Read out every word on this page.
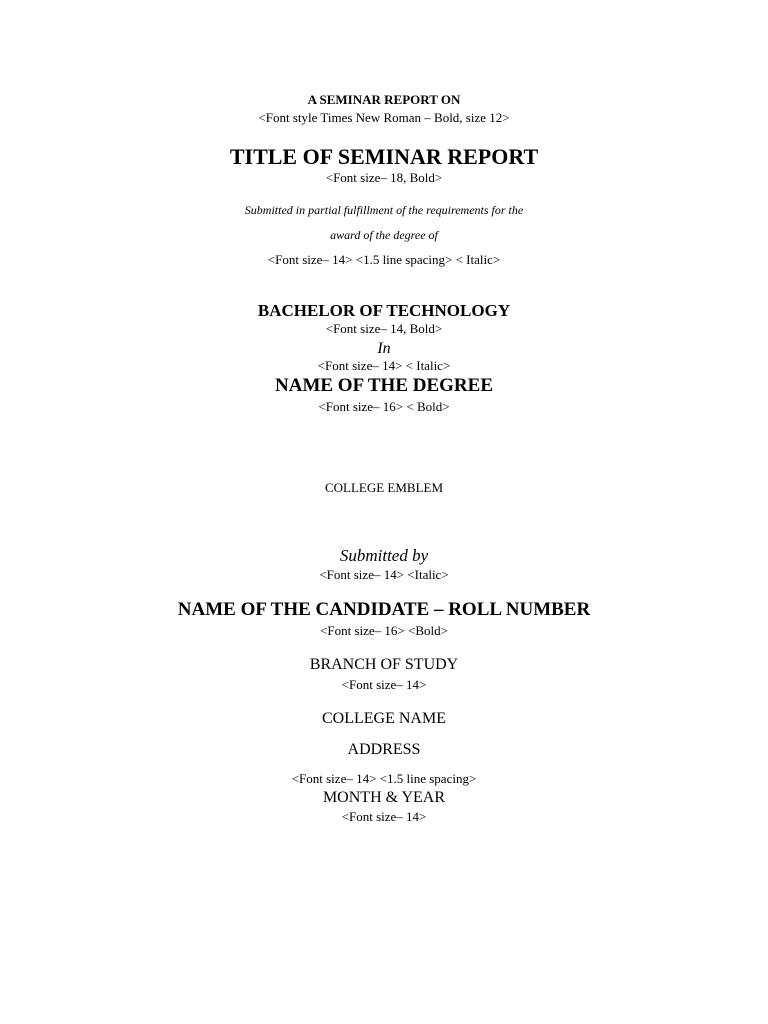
A SEMINAR REPORT ON
<Font style Times New Roman – Bold, size 12>
TITLE OF SEMINAR REPORT
<Font size– 18, Bold>
Submitted in partial fulfillment of the requirements for the
award of the degree of
<Font size– 14> <1.5 line spacing> < Italic>
BACHELOR OF TECHNOLOGY
<Font size– 14, Bold>
In
<Font size– 14> < Italic>
NAME OF THE DEGREE
<Font size– 16> < Bold>
COLLEGE EMBLEM
Submitted by
<Font size– 14> <Italic>
NAME OF THE CANDIDATE – ROLL NUMBER
<Font size– 16> <Bold>
BRANCH OF STUDY
<Font size– 14>
COLLEGE NAME
ADDRESS
<Font size– 14> <1.5 line spacing>
MONTH & YEAR
<Font size– 14>
